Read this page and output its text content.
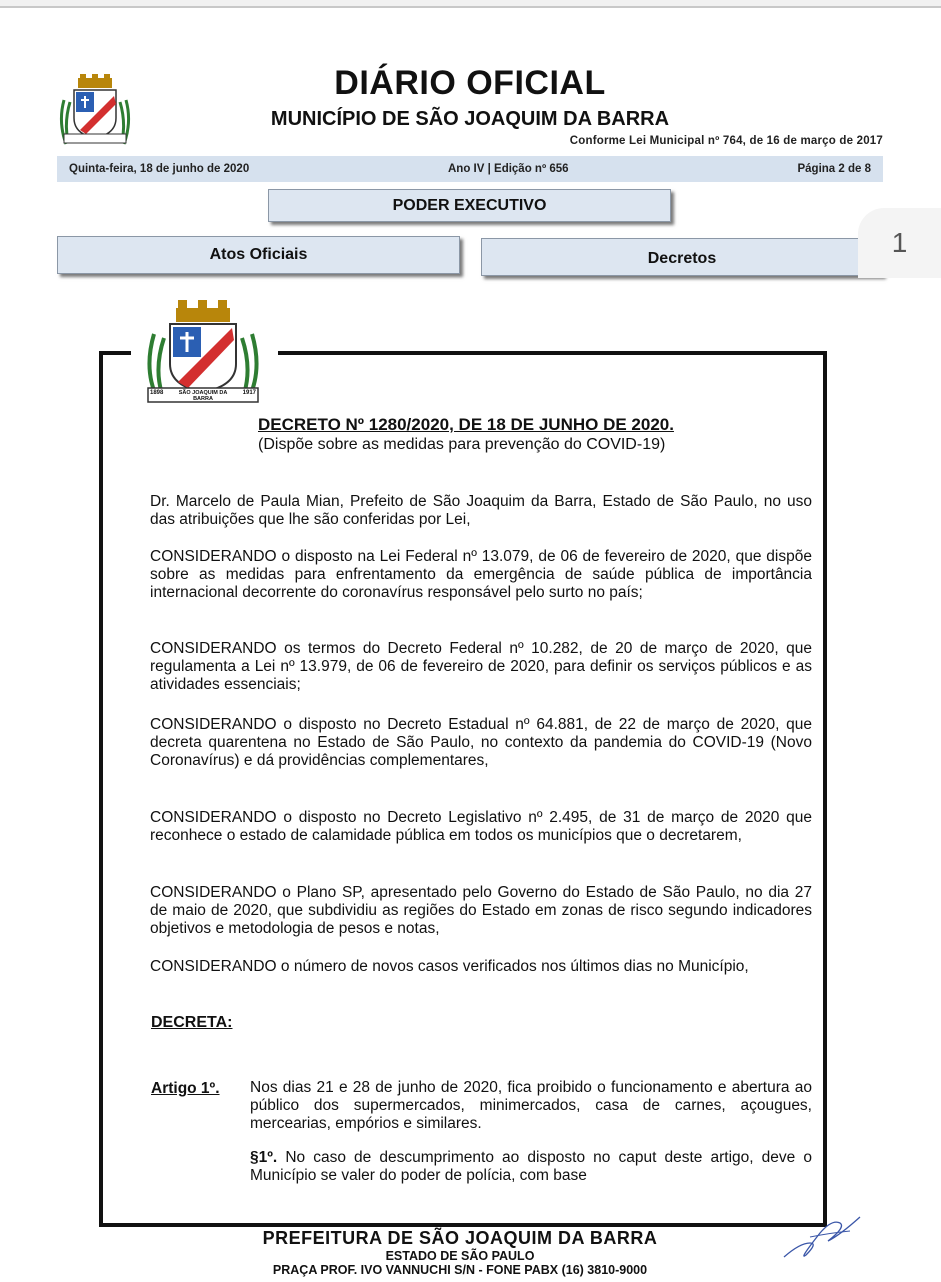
DIÁRIO OFICIAL
MUNICÍPIO DE SÃO JOAQUIM DA BARRA
Conforme Lei Municipal nº 764, de 16 de março de 2017
Quinta-feira, 18 de junho de 2020	Ano IV | Edição nº 656	Página 2 de 8
PODER EXECUTIVO
Atos Oficiais	Decretos
1898	SÃO JOAQUIM DA BARRA
1917
DECRETO Nº 1280/2020, DE 18 DE JUNHO DE 2020.
(Dispõe sobre as medidas para prevenção do COVID-19)
Dr. Marcelo de Paula Mian, Prefeito de São Joaquim da Barra, Estado de São Paulo, no uso das atribuições que lhe são conferidas por Lei,
CONSIDERANDO o disposto na Lei Federal nº 13.079, de 06 de fevereiro de 2020, que dispõe sobre as medidas para enfrentamento da emergência de saúde pública de importância internacional decorrente do coronavírus responsável pelo surto no país;
CONSIDERANDO os termos do Decreto Federal nº 10.282, de 20 de março de 2020, que regulamenta a Lei nº 13.979, de 06 de fevereiro de 2020, para definir os serviços públicos e as atividades essenciais;
CONSIDERANDO o disposto no Decreto Estadual nº 64.881, de 22 de março de 2020, que decreta quarentena no Estado de São Paulo, no contexto da pandemia do COVID-19 (Novo Coronavírus) e dá providências complementares,
CONSIDERANDO o disposto no Decreto Legislativo nº 2.495, de 31 de março de 2020 que reconhece o estado de calamidade pública em todos os municípios que o decretarem,
CONSIDERANDO o Plano SP, apresentado pelo Governo do Estado de São Paulo, no dia 27 de maio de 2020, que subdividiu as regiões do Estado em zonas de risco segundo indicadores objetivos e metodologia de pesos e notas,
CONSIDERANDO o número de novos casos verificados nos últimos dias no Município,
DECRETA:
Artigo 1º. Nos dias 21 e 28 de junho de 2020, fica proibido o funcionamento e abertura ao público dos supermercados, minimercados, casa de carnes, açougues, mercearias, empórios e similares.
§1º. No caso de descumprimento ao disposto no caput deste artigo, deve o Município se valer do poder de polícia, com base
PREFEITURA DE SÃO JOAQUIM DA BARRA
ESTADO DE SÃO PAULO
PRAÇA PROF. IVO VANNUCHI S/N - FONE PABX (16) 3810-9000
1
